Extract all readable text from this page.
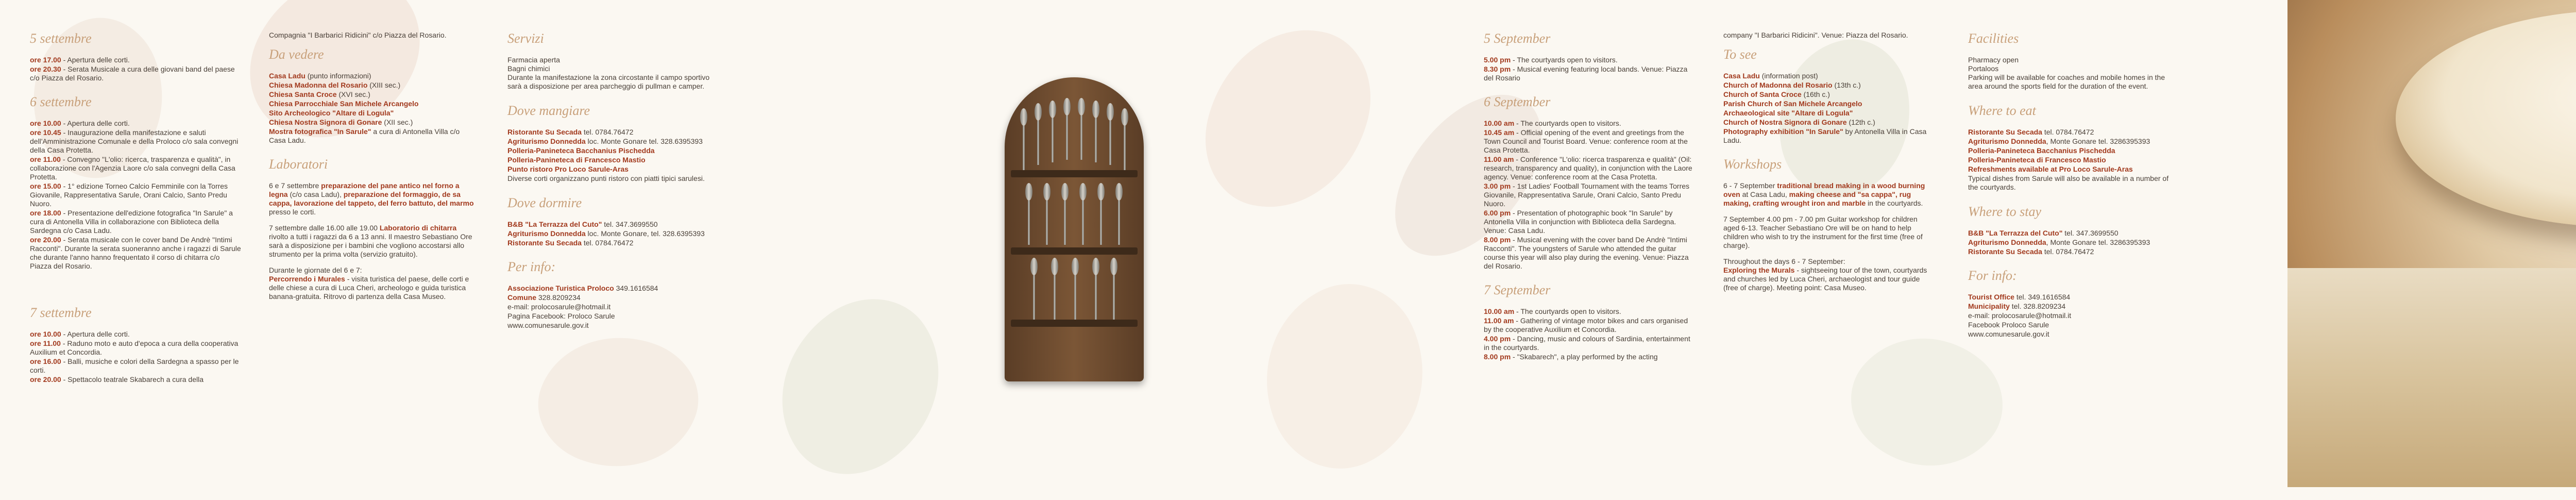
5 settembre
ore 17.00 - Apertura delle corti.
ore 20.30 - Serata Musicale a cura delle giovani band del paese c/o Piazza del Rosario.
6 settembre
ore 10.00 - Apertura delle corti.
ore 10.45 - Inaugurazione della manifestazione e saluti dell'Amministrazione Comunale e della Proloco c/o sala convegni della Casa Protetta.
ore 11.00 - Convegno "L'olio: ricerca, trasparenza e qualità", in collaborazione con l'Agenzia Laore c/o sala convegni della Casa Protetta.
ore 15.00 - 1° edizione Torneo Calcio Femminile con la Torres Giovanile, Rappresentativa Sarule, Orani Calcio, Santo Predu Nuoro.
ore 18.00 - Presentazione dell'edizione fotografica "In Sarule" a cura di Antonella Villa in collaborazione con Biblioteca della Sardegna c/o Casa Ladu.
ore 20.00 - Serata musicale con le cover band De Andrè "Intimi Racconti". Durante la serata suoneranno anche i ragazzi di Sarule che durante l'anno hanno frequentato il corso di chitarra c/o Piazza del Rosario.
7 settembre
ore 10.00 - Apertura delle corti.
ore 11.00 - Raduno moto e auto d'epoca a cura della cooperativa Auxilium et Concordia.
ore 16.00 - Balli, musiche e colori della Sardegna a spasso per le corti.
ore 20.00 - Spettacolo teatrale Skabarech a cura della

Compagnia "I Barbarici Ridicini" c/o Piazza del Rosario.

Da vedere
Casa Ladu (punto informazioni)
Chiesa Madonna del Rosario (XIII sec.)
Chiesa Santa Croce (XVI sec.)
Chiesa Parrocchiale San Michele Arcangelo
Sito Archeologico "Altare di Logula"
Chiesa Nostra Signora di Gonare (XII sec.)
Mostra fotografica "In Sarule" a cura di Antonella Villa c/o Casa Ladu.
Laboratori

6 e 7 settembre preparazione del pane antico nel forno a legna (c/o casa Ladu), preparazione del formaggio, de sa cappa, lavorazione del tappeto, del ferro battuto, del marmo presso le corti.

7 settembre dalle 16.00 alle 19.00 Laboratorio di chitarra rivolto a tutti i ragazzi da 6 a 13 anni. Il maestro Sebastiano Ore sarà a disposizione per i bambini che vogliono accostarsi allo strumento per la prima volta (servizio gratuito).

Durante le giornate del 6 e 7:
Percorrendo i Murales - visita turistica del paese, delle corti e delle chiese a cura di Luca Cheri, archeologo e guida turistica banana-gratuita. Ritrovo di partenza della Casa Museo.

Servizi

Farmacia aperta
Bagni chimici
Durante la manifestazione la zona circostante il campo sportivo sarà a disposizione per area parcheggio di pullman e camper.

Dove mangiare
Ristorante Su Secada tel. 0784.76472
Agriturismo Donnedda loc. Monte Gonare tel. 328.6395393
Polleria-Panineteca Bacchanius Pischedda
Polleria-Panineteca di Francesco Mastio
Punto ristoro Pro Loco Sarule-Aras

Diverse corti organizzano punti ristoro con piatti tipici sarulesi.

Dove dormire
B&B "La Terrazza del Cuto" tel. 347.3699550
Agriturismo Donnedda loc. Monte Gonare, tel. 328.6395393
Ristorante Su Secada tel. 0784.76472
Per info:
Associazione Turistica Proloco 349.1616584
Comune 328.8209234
e-mail: prolocosarule@hotmail.it
Pagina Facebook: Proloco Sarule
www.comunesarule.gov.it
5 September
5.00 pm - The courtyards open to visitors.
8.30 pm - Musical evening featuring local bands. Venue: Piazza del Rosario
6 September
10.00 am - The courtyards open to visitors.
10.45 am - Official opening of the event and greetings from the Town Council and Tourist Board. Venue: conference room at the Casa Protetta.
11.00 am - Conference "L'olio: ricerca trasparenza e qualità" (Oil: research, transparency and quality), in conjunction with the Laore agency. Venue: conference room at the Casa Protetta.
3.00 pm - 1st Ladies' Football Tournament with the teams Torres Giovanile, Rappresentativa Sarule, Orani Calcio, Santo Predu Nuoro.
6.00 pm - Presentation of photographic book "In Sarule" by Antonella Villa in conjunction with Biblioteca della Sardegna. Venue: Casa Ladu.
8.00 pm - Musical evening with the cover band De Andrè "Intimi Racconti". The youngsters of Sarule who attended the guitar course this year will also play during the evening. Venue: Piazza del Rosario.
7 September
10.00 am - The courtyards open to visitors.
11.00 am - Gathering of vintage motor bikes and cars organised by the cooperative Auxilium et Concordia.
4.00 pm - Dancing, music and colours of Sardinia, entertainment in the courtyards.
8.00 pm - "Skabarech", a play performed by the acting

company "I Barbarici Ridicini". Venue: Piazza del Rosario.

To see
Casa Ladu (information post)
Church of Madonna del Rosario (13th c.)
Church of Santa Croce (16th c.)
Parish Church of San Michele Arcangelo
Archaeological site "Altare di Logula"
Church of Nostra Signora di Gonare (12th c.)
Photography exhibition "In Sarule" by Antonella Villa in Casa Ladu.
Workshops

6 - 7 September traditional bread making in a wood burning oven at Casa Ladu, making cheese and "sa cappa", rug making, crafting wrought iron and marble in the courtyards.

7 September 4.00 pm - 7.00 pm Guitar workshop for children aged 6-13. Teacher Sebastiano Ore will be on hand to help children who wish to try the instrument for the first time (free of charge).

Throughout the days 6 - 7 September:
Exploring the Murals - sightseeing tour of the town, courtyards and churches led by Luca Cheri, archaeologist and tour guide (free of charge). Meeting point: Casa Museo.

Facilities

Pharmacy open
Portaloos
Parking will be available for coaches and mobile homes in the area around the sports field for the duration of the event.

Where to eat
Ristorante Su Secada tel. 0784.76472
Agriturismo Donnedda, Monte Gonare tel. 3286395393
Polleria-Panineteca Bacchanius Pischedda
Polleria-Panineteca di Francesco Mastio
Refreshments available at Pro Loco Sarule-Aras

Typical dishes from Sarule will also be available in a number of the courtyards.

Where to stay
B&B "La Terrazza del Cuto" tel. 347.3699550
Agriturismo Donnedda, Monte Gonare tel. 3286395393
Ristorante Su Secada tel. 0784.76472
For info:
Tourist Office tel. 349.1616584
Municipality tel. 328.8209234
e-mail: prolocosarule@hotmail.it
Facebook Proloco Sarule
www.comunesarule.gov.it
